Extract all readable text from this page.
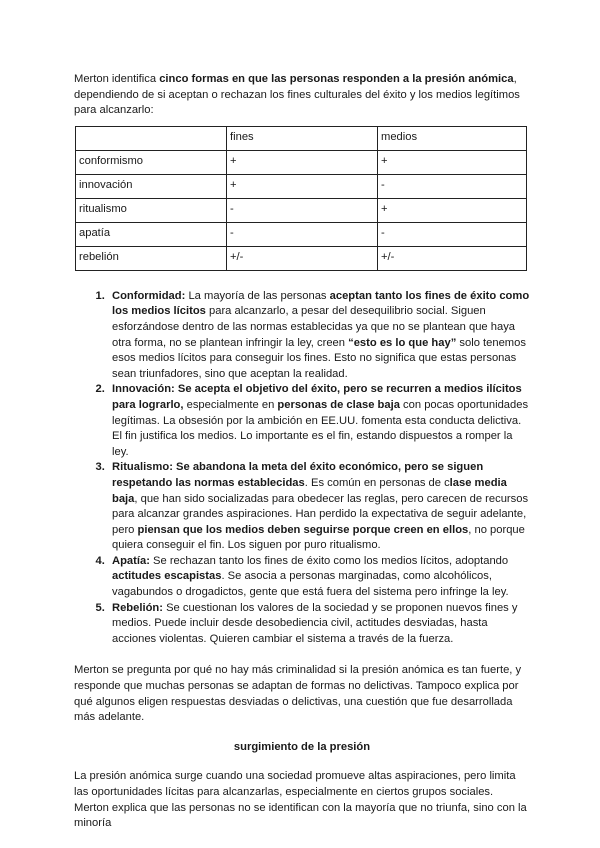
Merton identifica cinco formas en que las personas responden a la presión anómica, dependiendo de si aceptan o rechazan los fines culturales del éxito y los medios legítimos para alcanzarlo:

	fines	medios
conformismo	+	+
innovación	+	-
ritualismo	-	+
apatía	-	-
rebelión	+/-	+/-
1. Conformidad: La mayoría de las personas aceptan tanto los fines de éxito como los medios lícitos para alcanzarlo, a pesar del desequilibrio social. Siguen esforzándose dentro de las normas establecidas ya que no se plantean que haya otra forma, no se plantean infringir la ley, creen “esto es lo que hay” solo tenemos esos medios lícitos para conseguir los fines. Esto no significa que estas personas sean triunfadores, sino que aceptan la realidad.
2. Innovación: Se acepta el objetivo del éxito, pero se recurren a medios ilícitos para lograrlo, especialmente en personas de clase baja con pocas oportunidades legítimas. La obsesión por la ambición en EE.UU. fomenta esta conducta delictiva. El fin justifica los medios. Lo importante es el fin, estando dispuestos a romper la ley.
3. Ritualismo: Se abandona la meta del éxito económico, pero se siguen respetando las normas establecidas. Es común en personas de clase media baja, que han sido socializadas para obedecer las reglas, pero carecen de recursos para alcanzar grandes aspiraciones. Han perdido la expectativa de seguir adelante, pero piensan que los medios deben seguirse porque creen en ellos, no porque quiera conseguir el fin. Los siguen por puro ritualismo.
4. Apatía: Se rechazan tanto los fines de éxito como los medios lícitos, adoptando actitudes escapistas. Se asocia a personas marginadas, como alcohólicos, vagabundos o drogadictos, gente que está fuera del sistema pero infringe la ley.
5. Rebelión: Se cuestionan los valores de la sociedad y se proponen nuevos fines y medios. Puede incluir desde desobediencia civil, actitudes desviadas, hasta acciones violentas. Quieren cambiar el sistema a través de la fuerza.

Merton se pregunta por qué no hay más criminalidad si la presión anómica es tan fuerte, y responde que muchas personas se adaptan de formas no delictivas. Tampoco explica por qué algunos eligen respuestas desviadas o delictivas, una cuestión que fue desarrollada más adelante.

surgimiento de la presión

La presión anómica surge cuando una sociedad promueve altas aspiraciones, pero limita las oportunidades lícitas para alcanzarlas, especialmente en ciertos grupos sociales. Merton explica que las personas no se identifican con la mayoría que no triunfa, sino con la minoría
